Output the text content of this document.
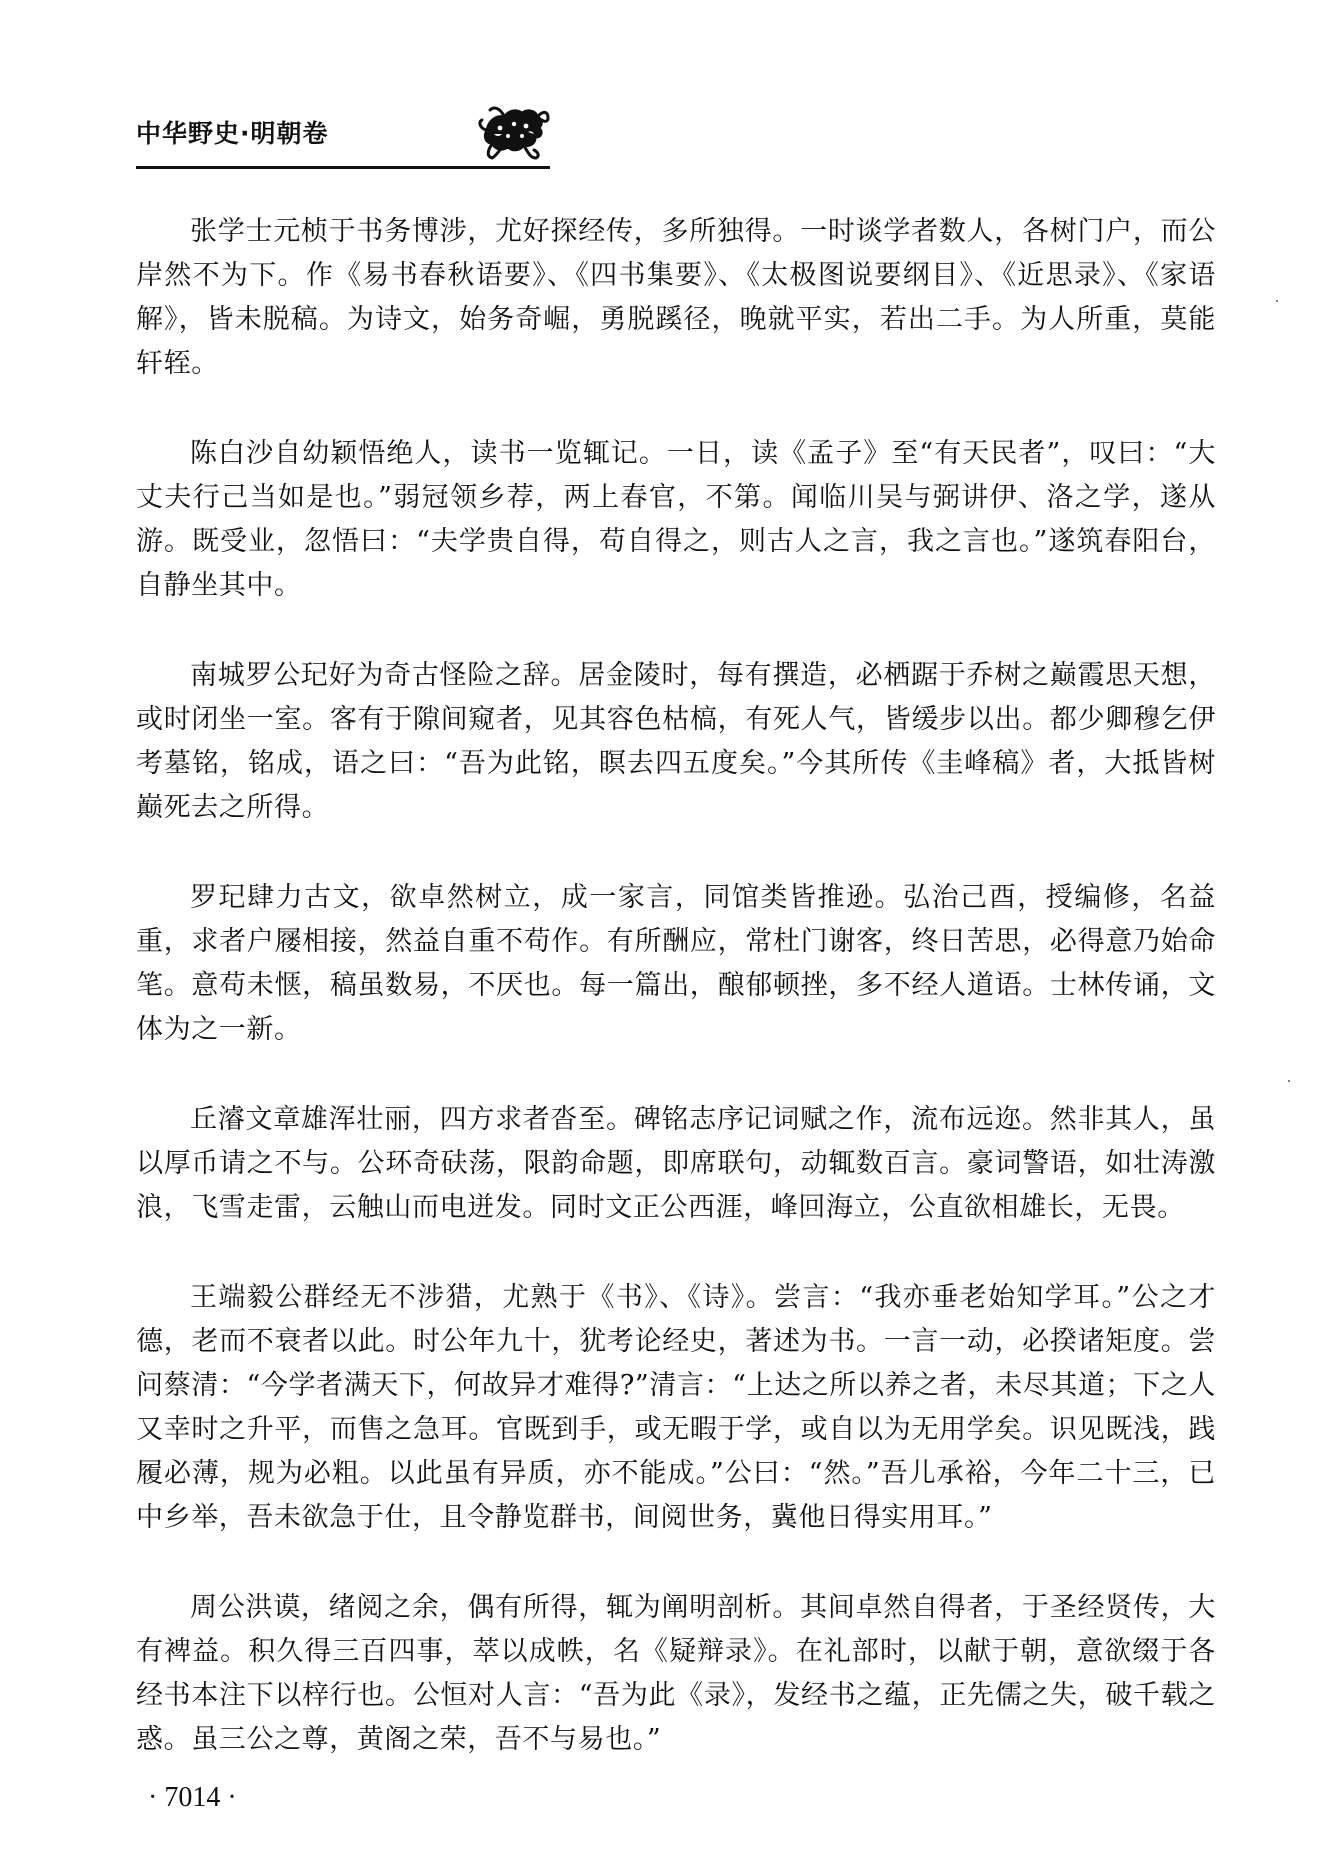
中华野史·明朝卷

张学士元桢于书务博涉，尤好探经传，多所独得。一时谈学者数人，各树门户，而公岸然不为下。作《易书春秋语要》、《四书集要》、《太极图说要纲目》、《近思录》、《家语解》，皆未脱稿。为诗文，始务奇崛，勇脱蹊径，晚就平实，若出二手。为人所重，莫能轩轾。

陈白沙自幼颖悟绝人，读书一览辄记。一日，读《孟子》至“有天民者”，叹曰：“大丈夫行己当如是也。”弱冠领乡荐，两上春官，不第。闻临川吴与弼讲伊、洛之学，遂从游。既受业，忽悟曰：“夫学贵自得，苟自得之，则古人之言，我之言也。”遂筑春阳台，自静坐其中。

南城罗公玘好为奇古怪险之辞。居金陵时，每有撰造，必栖踞于乔树之巅霞思天想，或时闭坐一室。客有于隙间窥者，见其容色枯槁，有死人气，皆缓步以出。都少卿穆乞伊考墓铭，铭成，语之曰：“吾为此铭，瞑去四五度矣。”今其所传《圭峰稿》者，大抵皆树巅死去之所得。

罗玘肆力古文，欲卓然树立，成一家言，同馆类皆推逊。弘治己酉，授编修，名益重，求者户屦相接，然益自重不苟作。有所酬应，常杜门谢客，终日苦思，必得意乃始命笔。意苟未惬，稿虽数易，不厌也。每一篇出，酿郁顿挫，多不经人道语。士林传诵，文体为之一新。

丘濬文章雄浑壮丽，四方求者沓至。碑铭志序记词赋之作，流布远迩。然非其人，虽以厚币请之不与。公环奇砆荡，限韵命题，即席联句，动辄数百言。豪词警语，如壮涛激浪，飞雪走雷，云触山而电迸发。同时文正公西涯，峰回海立，公直欲相雄长，无畏。

王端毅公群经无不涉猎，尤熟于《书》、《诗》。尝言：“我亦垂老始知学耳。”公之才德，老而不衰者以此。时公年九十，犹考论经史，著述为书。一言一动，必揆诸矩度。尝问蔡清：“今学者满天下，何故异才难得?”清言：“上达之所以养之者，未尽其道；下之人又幸时之升平，而售之急耳。官既到手，或无暇于学，或自以为无用学矣。识见既浅，践履必薄，规为必粗。以此虽有异质，亦不能成。”公曰：“然。”吾儿承裕，今年二十三，已中乡举，吾未欲急于仕，且令静览群书，间阅世务，冀他日得实用耳。”

周公洪谟，绪阅之余，偶有所得，辄为阐明剖析。其间卓然自得者，于圣经贤传，大有裨益。积久得三百四事，萃以成帙，名《疑辩录》。在礼部时，以献于朝，意欲缀于各经书本注下以梓行也。公恒对人言：“吾为此《录》，发经书之蕴，正先儒之失，破千载之惑。虽三公之尊，黄阁之荣，吾不与易也。”

· 7014 ·
